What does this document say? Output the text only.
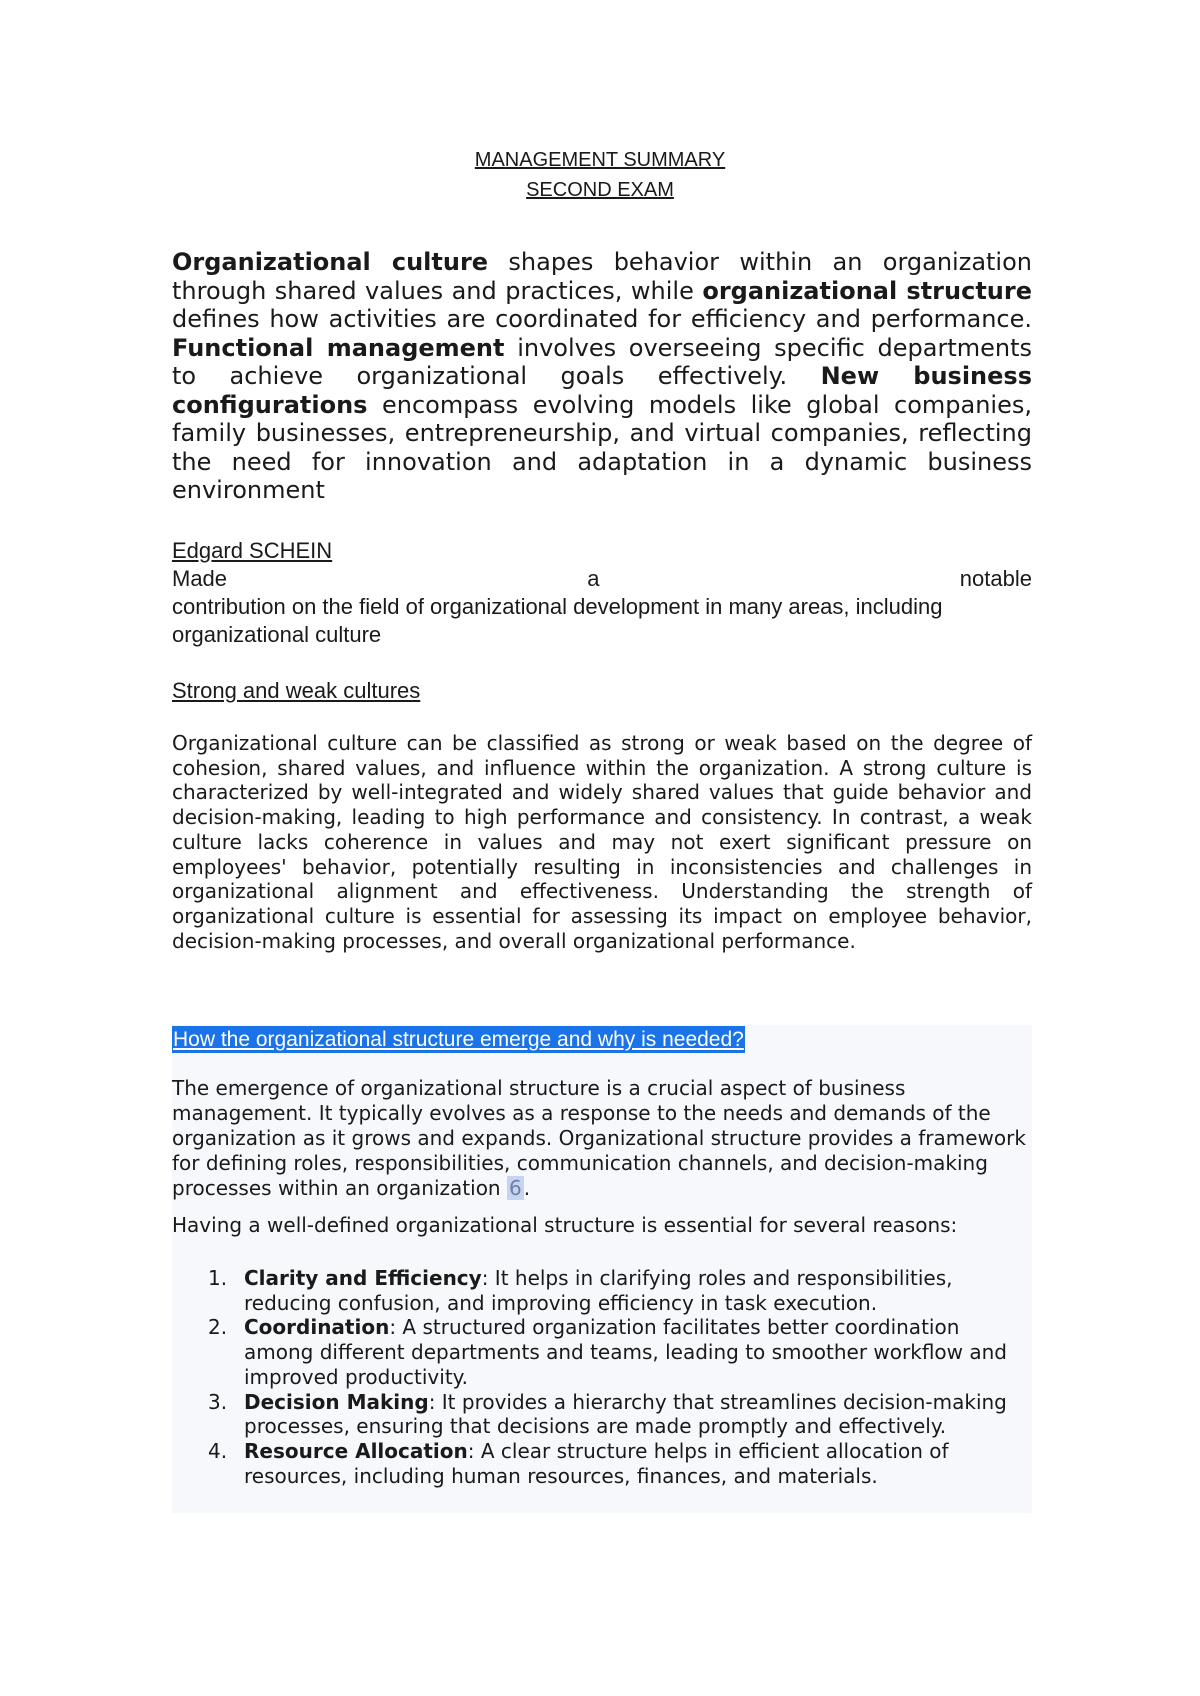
MANAGEMENT SUMMARY
SECOND EXAM
Organizational culture shapes behavior within an organization through shared values and practices, while organizational structure defines how activities are coordinated for efficiency and performance. Functional management involves overseeing specific departments to achieve organizational goals effectively. New business configurations encompass evolving models like global companies, family businesses, entrepreneurship, and virtual companies, reflecting the need for innovation and adaptation in a dynamic business environment
Edgard SCHEIN
Made	a	notable
contribution on the field of organizational development in many areas, including organizational culture
Strong and weak cultures
Organizational culture can be classified as strong or weak based on the degree of cohesion, shared values, and influence within the organization. A strong culture is characterized by well-integrated and widely shared values that guide behavior and decision-making, leading to high performance and consistency. In contrast, a weak culture lacks coherence in values and may not exert significant pressure on employees' behavior, potentially resulting in inconsistencies and challenges in organizational alignment and effectiveness. Understanding the strength of organizational culture is essential for assessing its impact on employee behavior, decision-making processes, and overall organizational performance.
How the organizational structure emerge and why is needed?
The emergence of organizational structure is a crucial aspect of business management. It typically evolves as a response to the needs and demands of the organization as it grows and expands. Organizational structure provides a framework for defining roles, responsibilities, communication channels, and decision-making processes within an organization 6 .
Having a well-defined organizational structure is essential for several reasons:
1. Clarity and Efficiency: It helps in clarifying roles and responsibilities, reducing confusion, and improving efficiency in task execution.
2. Coordination: A structured organization facilitates better coordination among different departments and teams, leading to smoother workflow and improved productivity.
3. Decision Making: It provides a hierarchy that streamlines decision-making processes, ensuring that decisions are made promptly and effectively.
4. Resource Allocation: A clear structure helps in efficient allocation of resources, including human resources, finances, and materials.
